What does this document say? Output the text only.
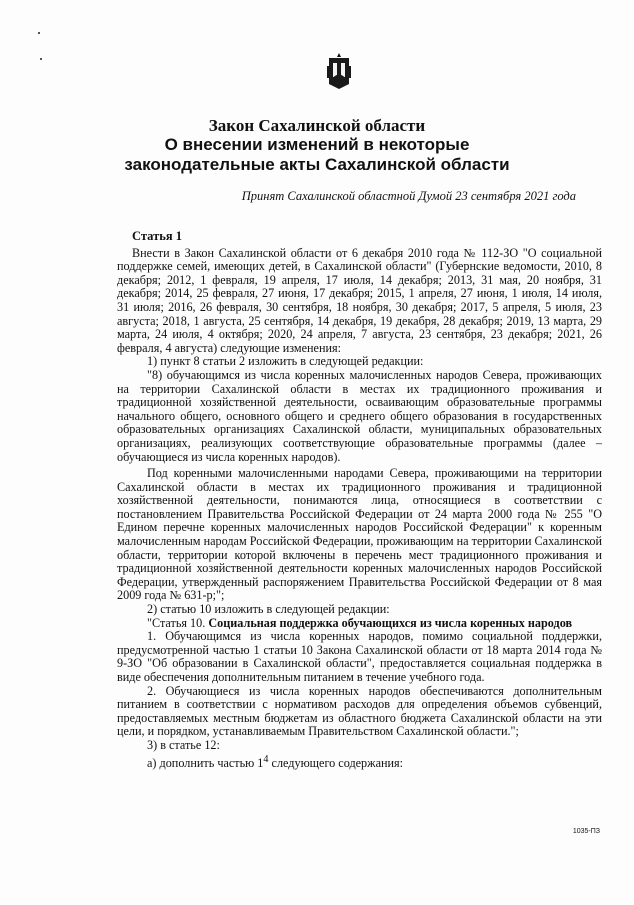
Закон Сахалинской области
О внесении изменений в некоторые
законодательные акты Сахалинской области
Принят Сахалинской областной Думой 23 сентября 2021 года
Статья 1

Внести в Закон Сахалинской области от 6 декабря 2010 года № 112-ЗО "О социальной поддержке семей, имеющих детей, в Сахалинской области" (Губернские ведомости, 2010, 8 декабря; 2012, 1 февраля, 19 апреля, 17 июля, 14 декабря; 2013, 31 мая, 20 ноября, 31 декабря; 2014, 25 февраля, 27 июня, 17 декабря; 2015, 1 апреля, 27 июня, 1 июля, 14 июля, 31 июля; 2016, 26 февраля, 30 сентября, 18 ноября, 30 декабря; 2017, 5 апреля, 5 июля, 23 августа; 2018, 1 августа, 25 сентября, 14 декабря, 19 декабря, 28 декабря; 2019, 13 марта, 29 марта, 24 июля, 4 октября; 2020, 24 апреля, 7 августа, 23 сентября, 23 декабря; 2021, 26 февраля, 4 августа) следующие изменения:

1) пункт 8 статьи 2 изложить в следующей редакции:

"8) обучающимся из числа коренных малочисленных народов Севера, проживающих на территории Сахалинской области в местах их традиционного проживания и традиционной хозяйственной деятельности, осваивающим образовательные программы начального общего, основного общего и среднего общего образования в государственных образовательных организациях Сахалинской области, муниципальных образовательных организациях, реализующих соответствующие образовательные программы (далее – обучающиеся из числа коренных народов).

Под коренными малочисленными народами Севера, проживающими на территории Сахалинской области в местах их традиционного проживания и традиционной хозяйственной деятельности, понимаются лица, относящиеся в соответствии с постановлением Правительства Российской Федерации от 24 марта 2000 года № 255 "О Едином перечне коренных малочисленных народов Российской Федерации" к коренным малочисленным народам Российской Федерации, проживающим на территории Сахалинской области, территории которой включены в перечень мест традиционного проживания и традиционной хозяйственной деятельности коренных малочисленных народов Российской Федерации, утвержденный распоряжением Правительства Российской Федерации от 8 мая 2009 года № 631-р;";

2) статью 10 изложить в следующей редакции:

"Статья 10. Социальная поддержка обучающихся из числа коренных народов

1. Обучающимся из числа коренных народов, помимо социальной поддержки, предусмотренной частью 1 статьи 10 Закона Сахалинской области от 18 марта 2014 года № 9-ЗО "Об образовании в Сахалинской области", предоставляется социальная поддержка в виде обеспечения дополнительным питанием в течение учебного года.

2. Обучающиеся из числа коренных народов обеспечиваются дополнительным питанием в соответствии с нормативом расходов для определения объемов субвенций, предоставляемых местным бюджетам из областного бюджета Сахалинской области на эти цели, и порядком, устанавливаемым Правительством Сахалинской области.";

3) в статье 12:

а) дополнить частью $1^4$ следующего содержания:

1035-ПЗ
